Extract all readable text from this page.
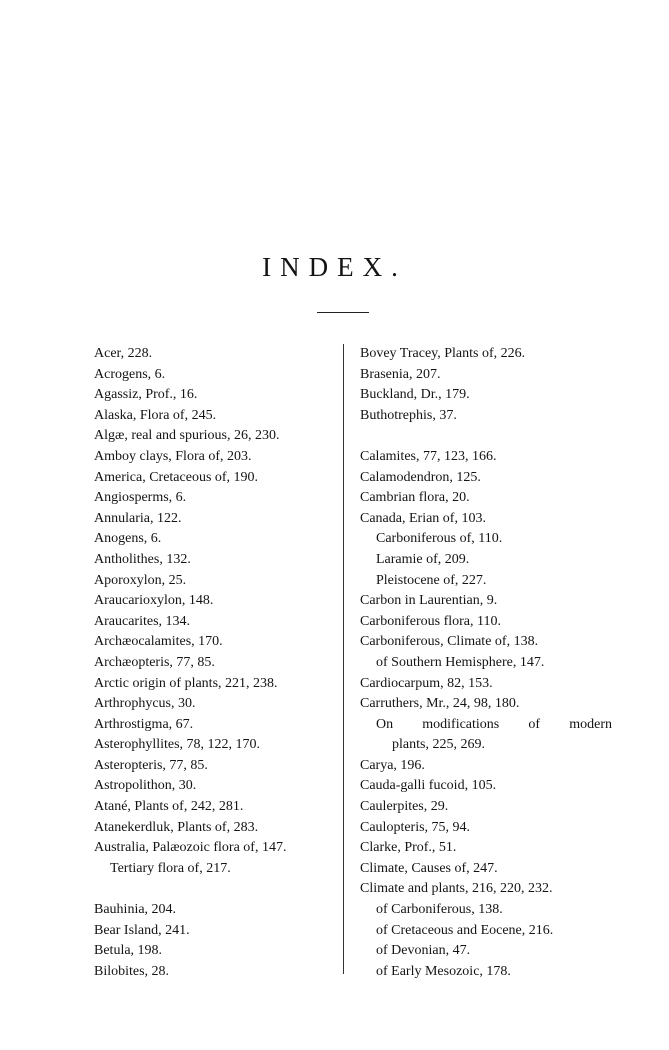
INDEX.
Acer, 228.
Acrogens, 6.
Agassiz, Prof., 16.
Alaska, Flora of, 245.
Algæ, real and spurious, 26, 230.
Amboy clays, Flora of, 203.
America, Cretaceous of, 190.
Angiosperms, 6.
Annularia, 122.
Anogens, 6.
Antholithes, 132.
Aporoxylon, 25.
Araucarioxylon, 148.
Araucarites, 134.
Archæocalamites, 170.
Archæopteris, 77, 85.
Arctic origin of plants, 221, 238.
Arthrophycus, 30.
Arthrostigma, 67.
Asterophyllites, 78, 122, 170.
Asteropteris, 77, 85.
Astropolithon, 30.
Atané, Plants of, 242, 281.
Atanekerdluk, Plants of, 283.
Australia, Palæozoic flora of, 147.
Tertiary flora of, 217.
Bauhinia, 204.
Bear Island, 241.
Betula, 198.
Bilobites, 28.
Bovey Tracey, Plants of, 226.
Brasenia, 207.
Buckland, Dr., 179.
Buthotrephis, 37.
Calamites, 77, 123, 166.
Calamodendron, 125.
Cambrian flora, 20.
Canada, Erian of, 103.
Carboniferous of, 110.
Laramie of, 209.
Pleistocene of, 227.
Carbon in Laurentian, 9.
Carboniferous flora, 110.
Carboniferous, Climate of, 138.
of Southern Hemisphere, 147.
Cardiocarpum, 82, 153.
Carruthers, Mr., 24, 98, 180.
On modifications of modern
plants, 225, 269.
Carya, 196.
Cauda-galli fucoid, 105.
Caulerpites, 29.
Caulopteris, 75, 94.
Clarke, Prof., 51.
Climate, Causes of, 247.
Climate and plants, 216, 220, 232.
of Carboniferous, 138.
of Cretaceous and Eocene, 216.
of Devonian, 47.
of Early Mesozoic, 178.
